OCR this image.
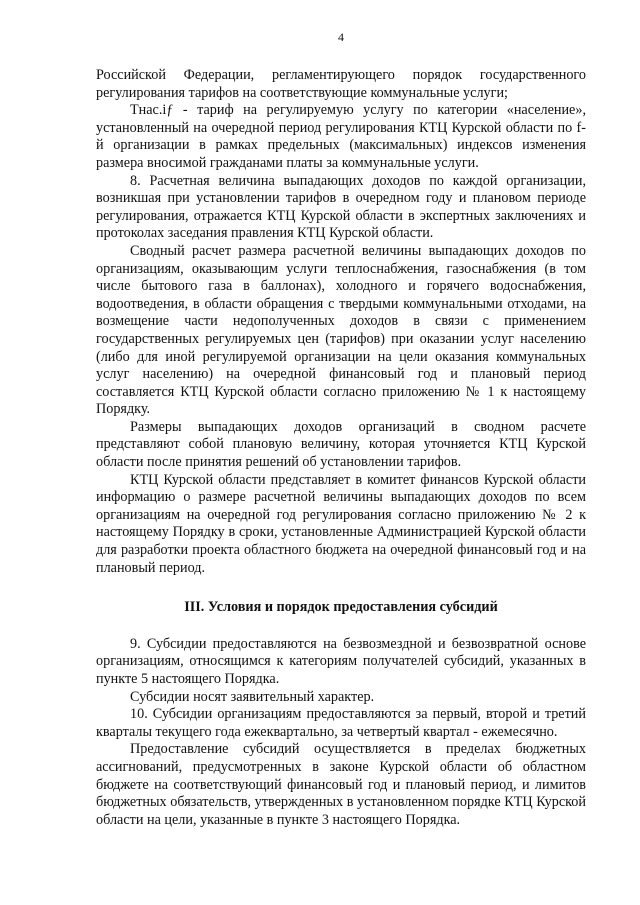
4

Российской Федерации, регламентирующего порядок государственного регулирования тарифов на соответствующие коммунальные услуги;

Тнас.iƒ - тариф на регулируемую услугу по категории «население», установленный на очередной период регулирования КТЦ Курской области по f-й организации в рамках предельных (максимальных) индексов изменения размера вносимой гражданами платы за коммунальные услуги.

8. Расчетная величина выпадающих доходов по каждой организации, возникшая при установлении тарифов в очередном году и плановом периоде регулирования, отражается КТЦ Курской области в экспертных заключениях и протоколах заседания правления КТЦ Курской области.

Сводный расчет размера расчетной величины выпадающих доходов по организациям, оказывающим услуги теплоснабжения, газоснабжения (в том числе бытового газа в баллонах), холодного и горячего водоснабжения, водоотведения, в области обращения с твердыми коммунальными отходами, на возмещение части недополученных доходов в связи с применением государственных регулируемых цен (тарифов) при оказании услуг населению (либо для иной регулируемой организации на цели оказания коммунальных услуг населению) на очередной финансовый год и плановый период составляется КТЦ Курской области согласно приложению № 1 к настоящему Порядку.

Размеры выпадающих доходов организаций в сводном расчете представляют собой плановую величину, которая уточняется КТЦ Курской области после принятия решений об установлении тарифов.

КТЦ Курской области представляет в комитет финансов Курской области информацию о размере расчетной величины выпадающих доходов по всем организациям на очередной год регулирования согласно приложению № 2 к настоящему Порядку в сроки, установленные Администрацией Курской области для разработки проекта областного бюджета на очередной финансовый год и на плановый период.

III. Условия и порядок предоставления субсидий

9. Субсидии предоставляются на безвозмездной и безвозвратной основе организациям, относящимся к категориям получателей субсидий, указанных в пункте 5 настоящего Порядка.

Субсидии носят заявительный характер.

10. Субсидии организациям предоставляются за первый, второй и третий кварталы текущего года ежеквартально, за четвертый квартал - ежемесячно.

Предоставление субсидий осуществляется в пределах бюджетных ассигнований, предусмотренных в законе Курской области об областном бюджете на соответствующий финансовый год и плановый период, и лимитов бюджетных обязательств, утвержденных в установленном порядке КТЦ Курской области на цели, указанные в пункте 3 настоящего Порядка.
